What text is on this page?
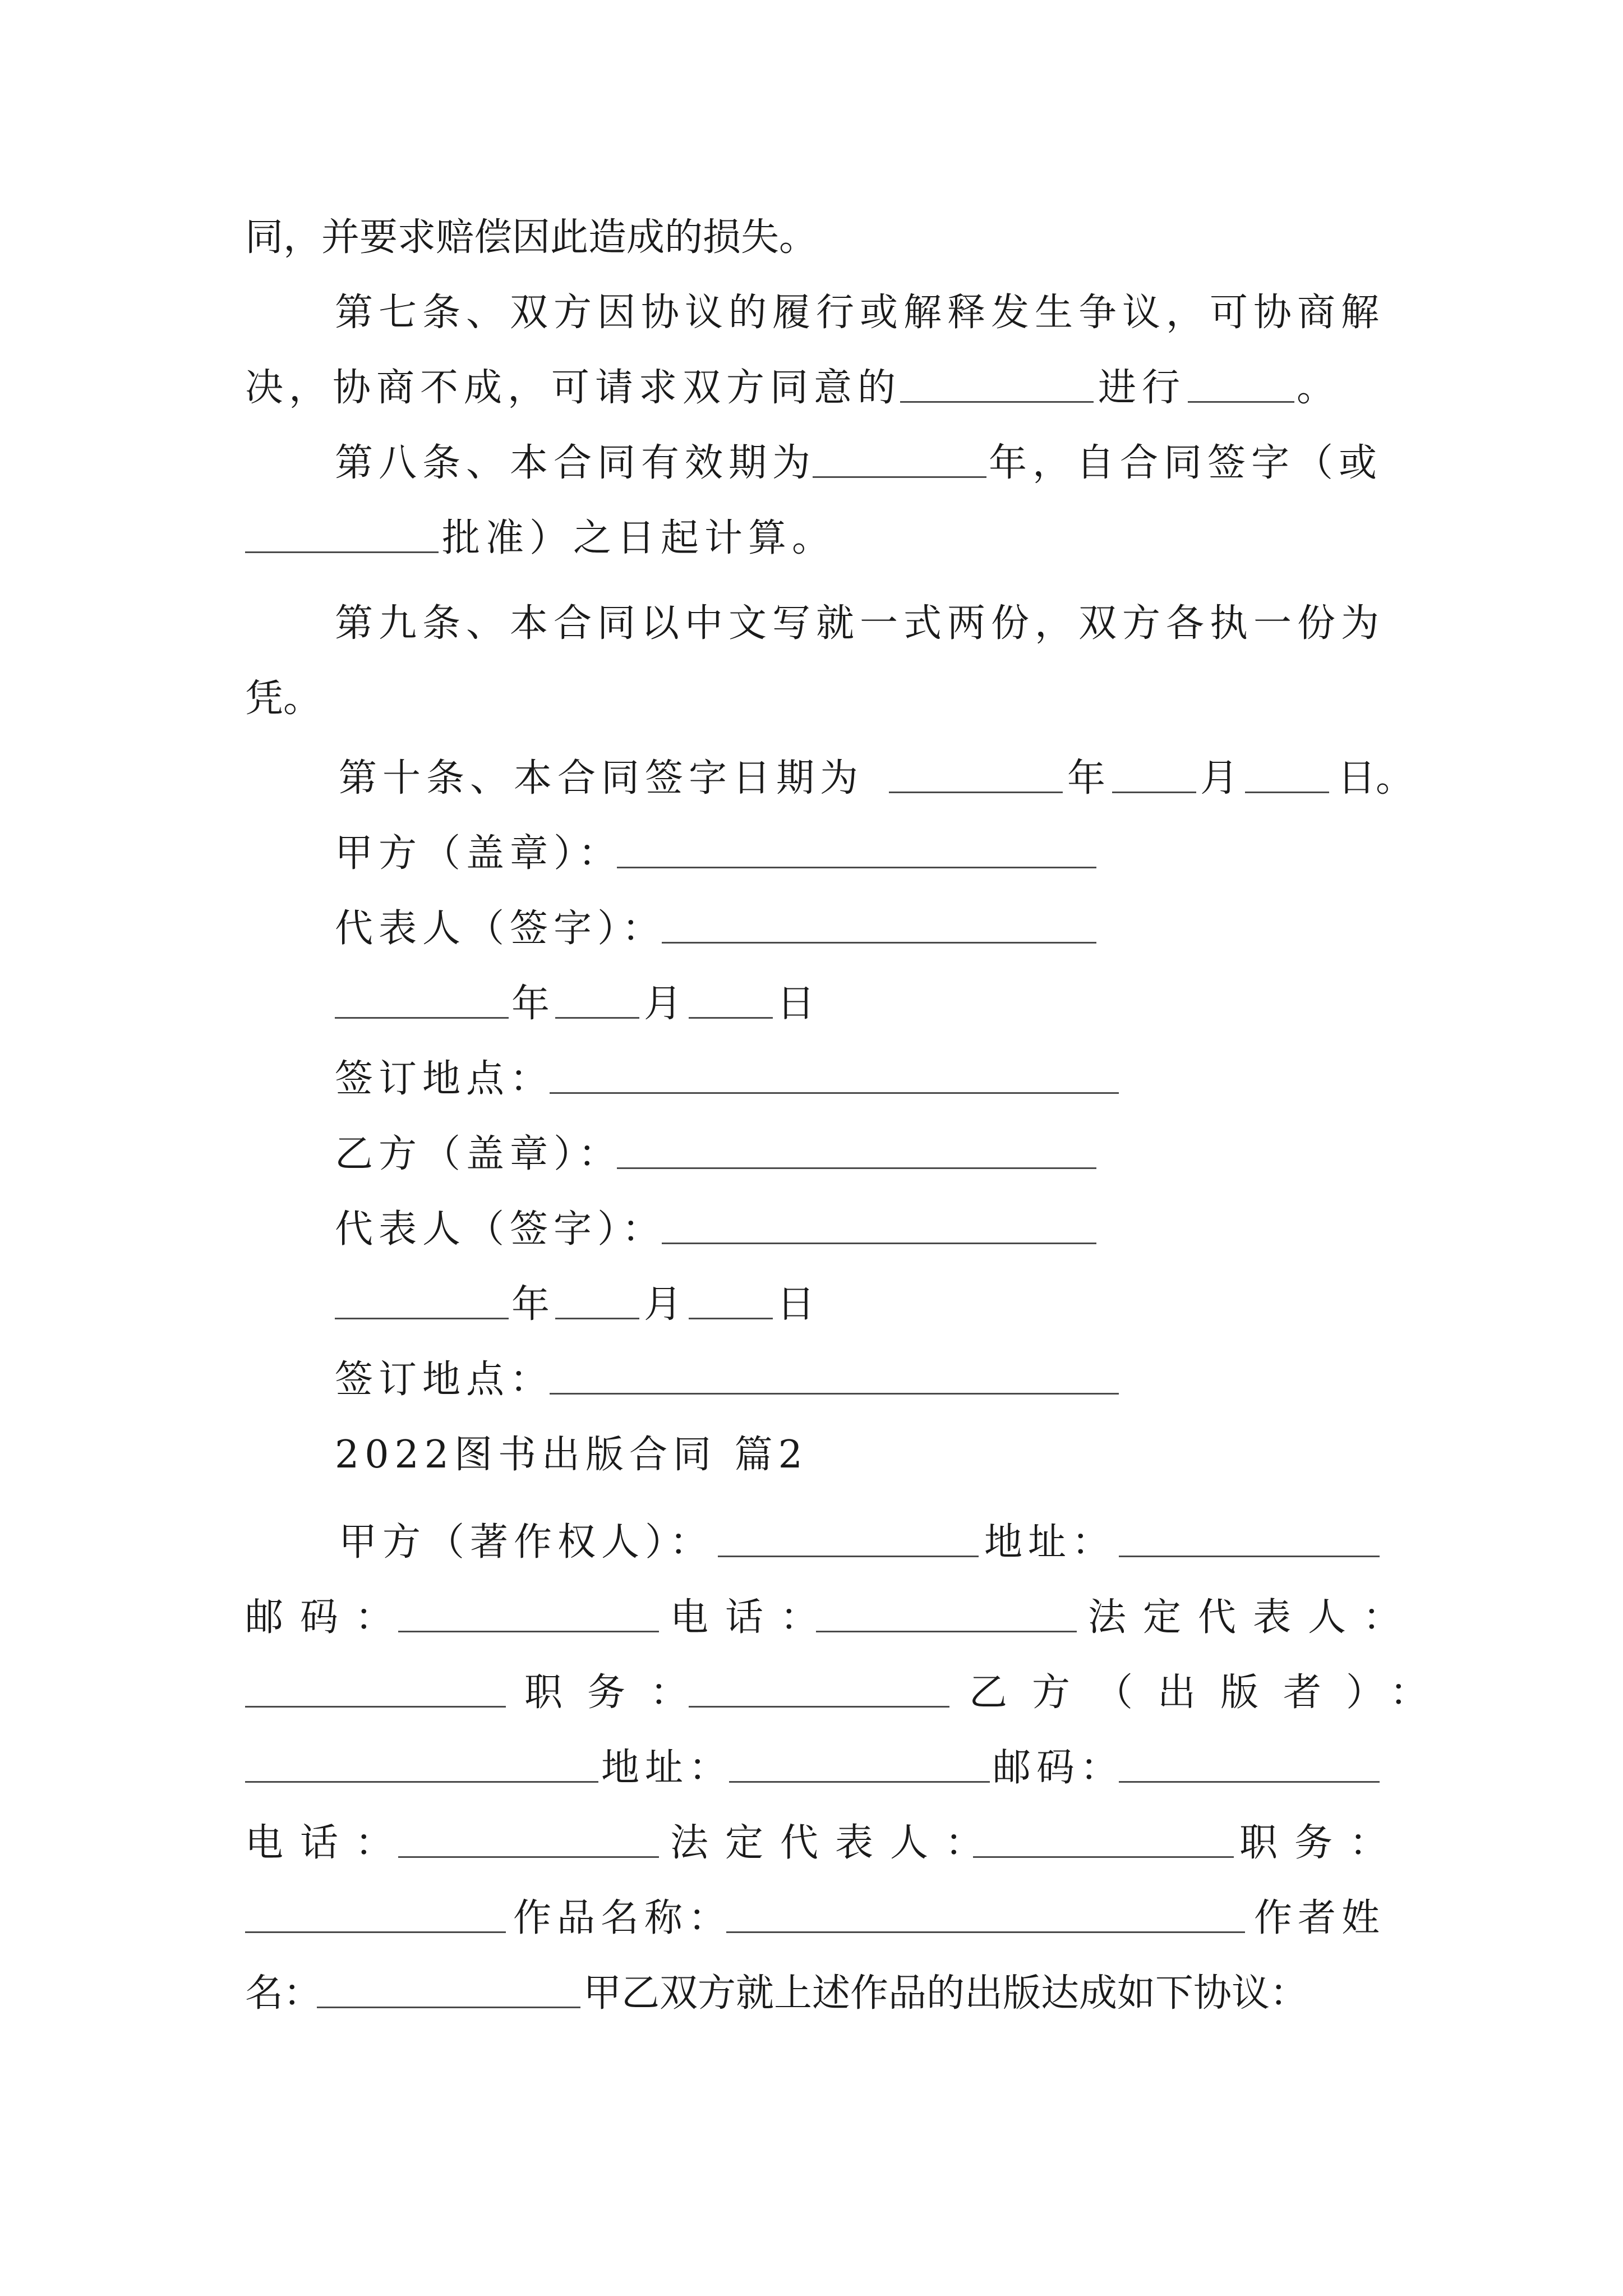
同，并要求赔偿因此造成的损失。
第七条、双方因协议的履行或解释发生争议，可协商解
决，协商不成，可请求双方同意的	进行	。
第八条、本合同有效期为	年，自合同签字（或
批准）之日起计算。
第九条、本合同以中文写就一式两份，双方各执一份为
凭。
第十条、本合同签字日期为	年 月	日。
甲方（盖章）：
代表人（签字）：
年 月 日
签订地点：
乙方（盖章）：
代表人（签字）：
年 月 日
签订地点：
2022图书出版合同 篇2
甲方（著作权人）：	地址：
邮码：	电话：	法定代表人：
职务：	乙方（出版者）：
地址：	邮码：
电话：	法定代表人：	职务：
作品名称：	作者姓
名：	甲乙双方就上述作品的出版达成如下协议：
